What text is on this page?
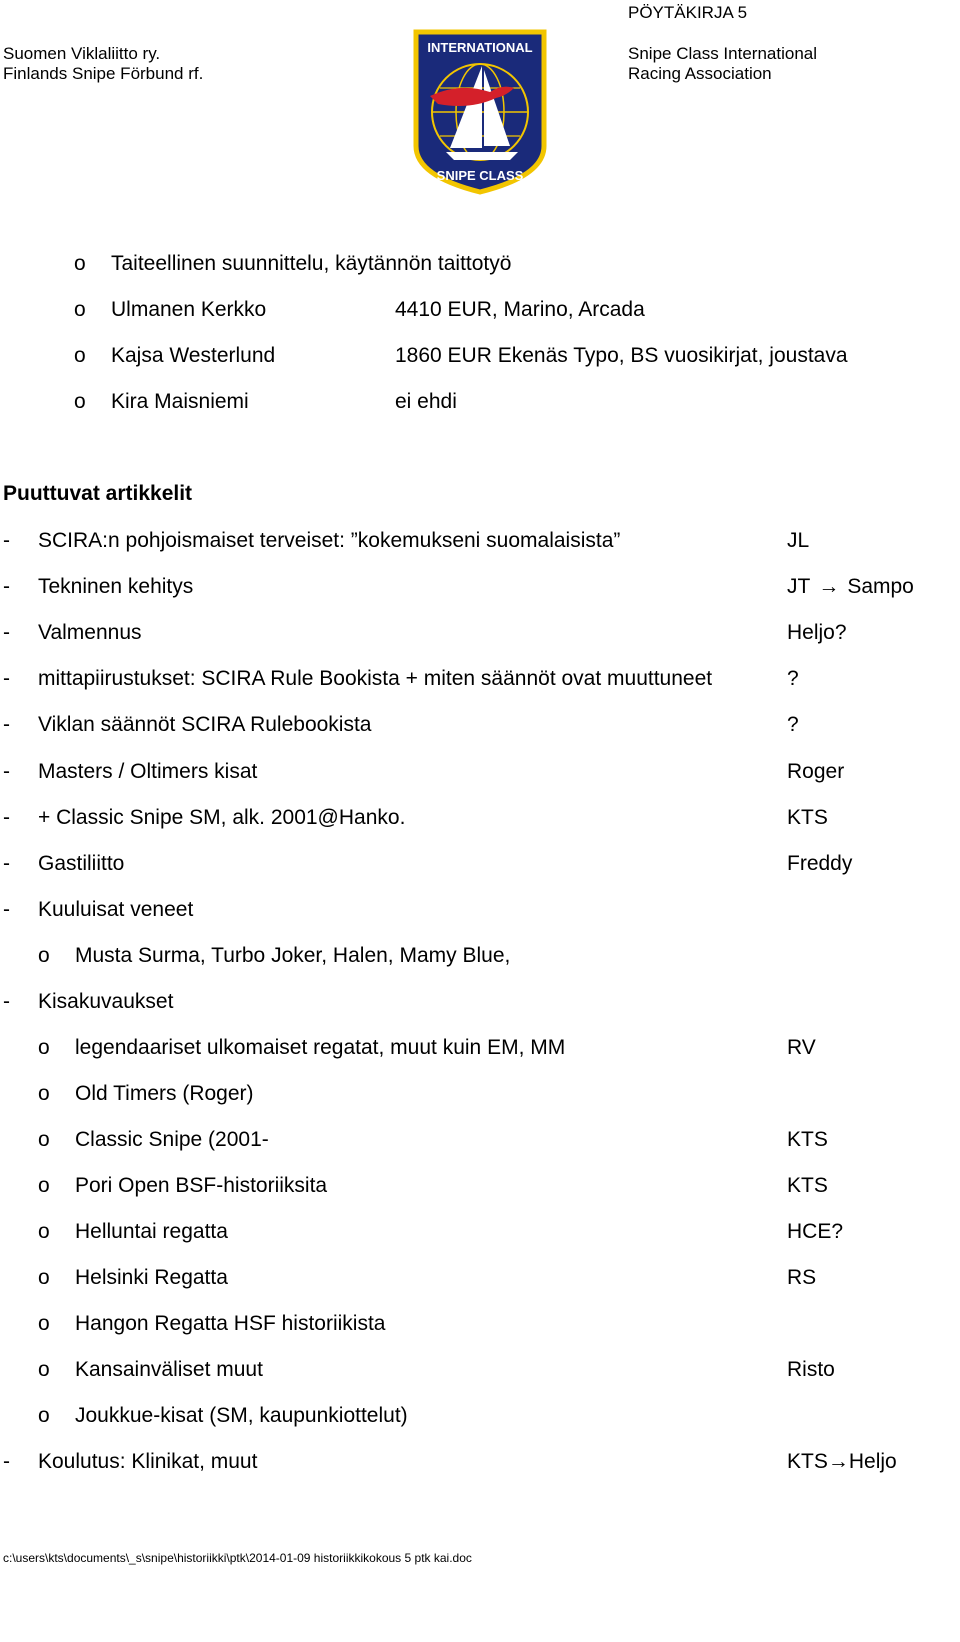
PÖYTÄKIRJA 5
Suomen Viklaliitto ry.
Finlands Snipe Förbund rf.
Snipe Class International
Racing Association
INTERNATIONAL
SNIPE CLASS
o Taiteellinen suunnittelu, käytännön taittotyö
o Ulmanen Kerkko	4410 EUR, Marino, Arcada
o Kajsa Westerlund	1860 EUR Ekenäs Typo, BS vuosikirjat, joustava
o Kira Maisniemi	ei ehdi
Puuttuvat artikkelit
- SCIRA:n pohjoismaiset terveiset: ”kokemukseni suomalaisista”	JL
- Tekninen kehitys	JT → Sampo
- Valmennus	Heljo?
- mittapiirustukset: SCIRA Rule Bookista + miten säännöt ovat muuttuneet	?
- Viklan säännöt SCIRA Rulebookista	?
- Masters / Oltimers kisat	Roger
- + Classic Snipe SM, alk. 2001@Hanko.	KTS
- Gastiliitto	Freddy
- Kuuluisat veneet
o Musta Surma, Turbo Joker, Halen, Mamy Blue,
- Kisakuvaukset
o legendaariset ulkomaiset regatat, muut kuin EM, MM	RV
o Old Timers (Roger)
o Classic Snipe (2001-	KTS
o Pori Open BSF-historiiksita	KTS
o Helluntai regatta	HCE?
o Helsinki Regatta	RS
o Hangon Regatta HSF historiikista
o Kansainväliset muut	Risto
o Joukkue-kisat (SM, kaupunkiottelut)
- Koulutus: Klinikat, muut	KTS→Heljo
c:\users\kts\documents\_s\snipe\historiikki\ptk\2014-01-09 historiikkikokous 5 ptk kai.doc
